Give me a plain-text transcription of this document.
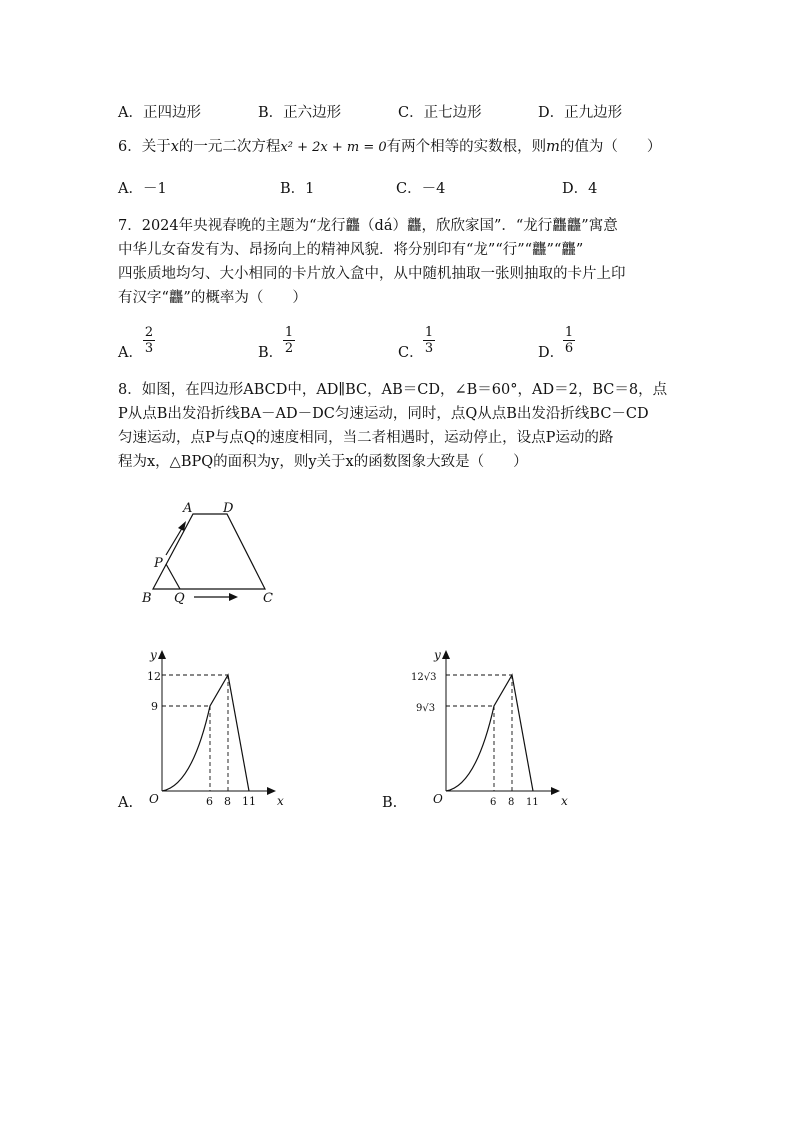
A．正四边形	B．正六边形	C．正七边形	D．正九边形
6．关于x的一元二次方程x² + 2x + m = 0有两个相等的实数根，则m的值为（　　）
A．－1	B．1	C．－4	D．4
7．2024年央视春晚的主题为“龙行龘（dá）龘，欣欣家国”．“龙行龘龘”寓意
中华儿女奋发有为、昂扬向上的精神风貌．将分别印有“龙”“行”“龘”“龘”
四张质地均匀、大小相同的卡片放入盒中，从中随机抽取一张则抽取的卡片上印
有汉字“龘”的概率为（　　）
A． $\frac{2}{3}$	B． $\frac{1}{2}$	C． $\frac{1}{3}$	D．
$\frac{1}{6}$
8．如图，在四边形ABCD中，AD∥BC，AB＝CD，∠B＝60°，AD＝2，BC＝8，点
P从点B出发沿折线BA－AD－DC匀速运动，同时，点Q从点B出发沿折线BC－CD
匀速运动，点P与点Q的速度相同，当二者相遇时，运动停止，设点P运动的路
程为x，△BPQ的面积为y，则y关于x的函数图象大致是（　　）
A D
P
B Q	C
A.
12
9
6 8 11
O	x
y
B.
12√3
9√3
6 8 11
O	x
y
